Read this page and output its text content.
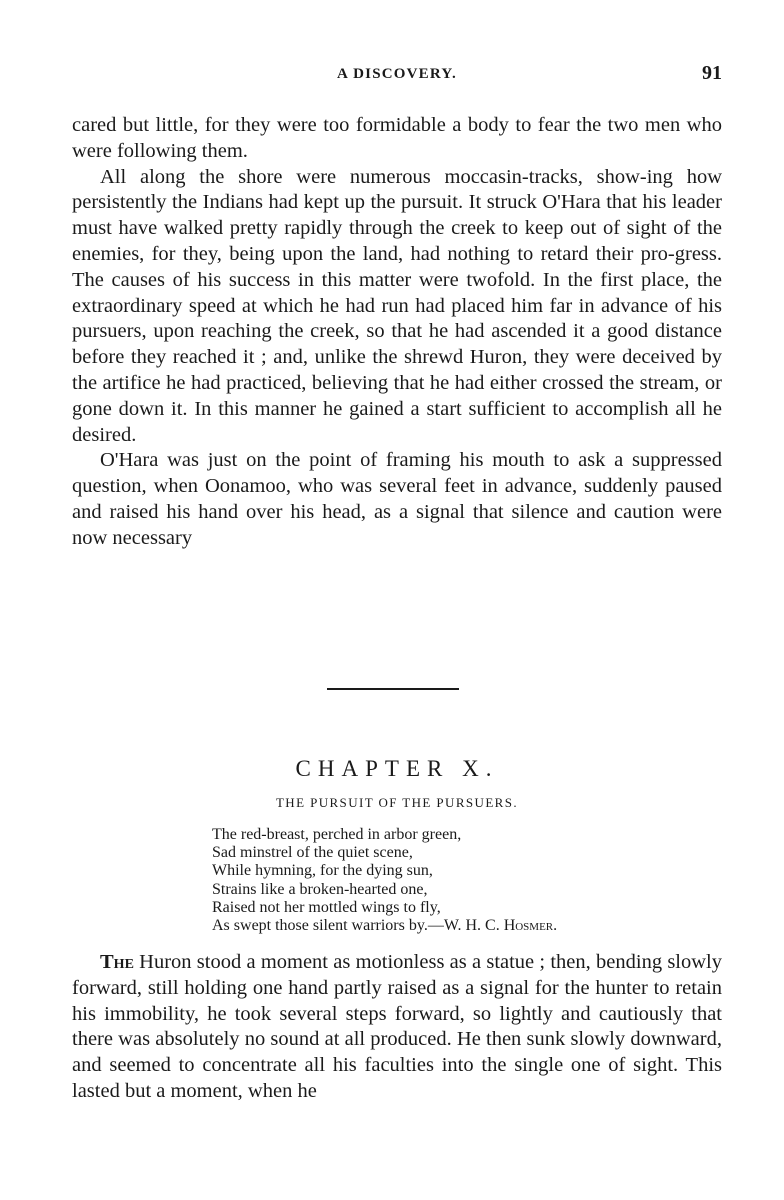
A DISCOVERY.	91

cared but little, for they were too formidable a body to fear the two men who were following them.

All along the shore were numerous moccasin-tracks, show-ing how persistently the Indians had kept up the pursuit. It struck O'Hara that his leader must have walked pretty rapidly through the creek to keep out of sight of the enemies, for they, being upon the land, had nothing to retard their pro-gress. The causes of his success in this matter were twofold. In the first place, the extraordinary speed at which he had run had placed him far in advance of his pursuers, upon reaching the creek, so that he had ascended it a good distance before they reached it ; and, unlike the shrewd Huron, they were deceived by the artifice he had practiced, believing that he had either crossed the stream, or gone down it. In this manner he gained a start sufficient to accomplish all he desired.

O'Hara was just on the point of framing his mouth to ask a suppressed question, when Oonamoo, who was several feet in advance, suddenly paused and raised his hand over his head, as a signal that silence and caution were now necessary

CHAPTER X.
THE PURSUIT OF THE PURSUERS.
The red-breast, perched in arbor green,
Sad minstrel of the quiet scene,
While hymning, for the dying sun,
Strains like a broken-hearted one,
Raised not her mottled wings to fly,
As swept those silent warriors by.—W. H. C. Hosmer.

The Huron stood a moment as motionless as a statue ; then, bending slowly forward, still holding one hand partly raised as a signal for the hunter to retain his immobility, he took several steps forward, so lightly and cautiously that there was absolutely no sound at all produced. He then sunk slowly downward, and seemed to concentrate all his faculties into the single one of sight. This lasted but a moment, when he
